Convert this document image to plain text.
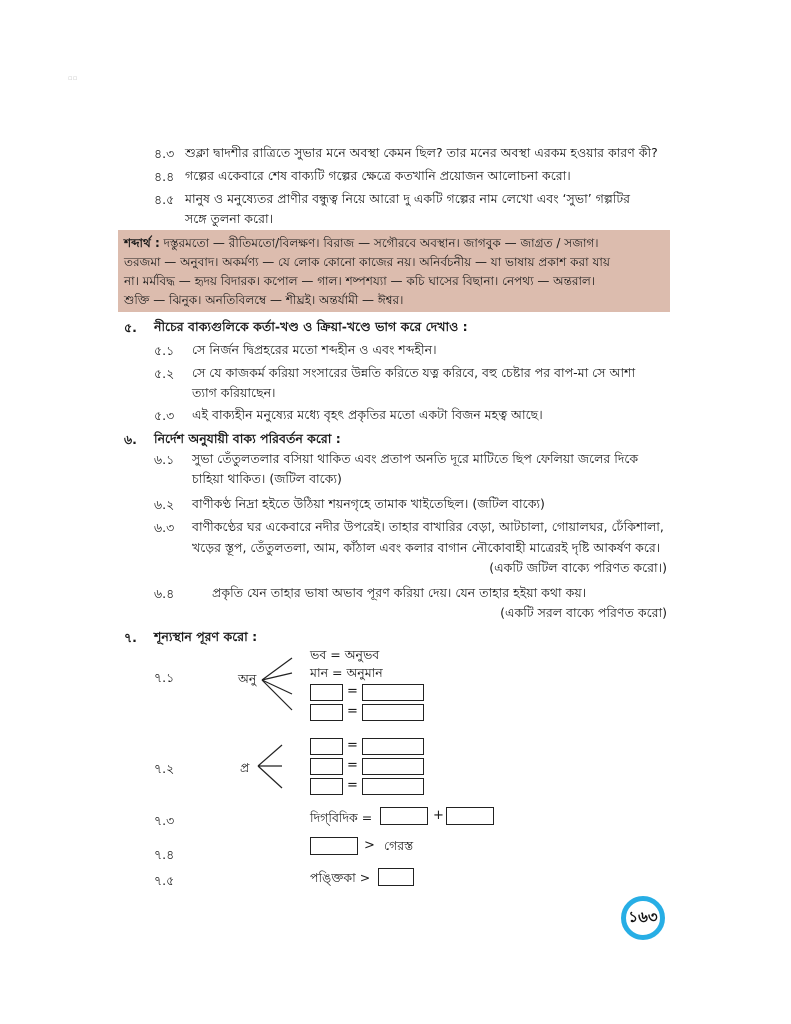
▫▫
৪.৩ শুক্লা দ্বাদশীর রাত্রিতে সুভার মনে অবস্থা কেমন ছিল? তার মনের অবস্থা এরকম হওয়ার কারণ কী?
৪.৪ গল্পের একেবারে শেষ বাক্যটি গল্পের ক্ষেত্রে কতখানি প্রয়োজন আলোচনা করো।
৪.৫ মানুষ ও মনুষ্যেতর প্রাণীর বন্ধুত্ব নিয়ে আরো দু একটি গল্পের নাম লেখো এবং ‘সুভা’ গল্পটির
সঙ্গে তুলনা করো।
শব্দার্থ : দস্তুরমতো — রীতিমতো/বিলক্ষণ। বিরাজ — সগৌরবে অবস্থান। জাগবুক — জাগ্রত / সজাগ।
তরজমা — অনুবাদ। অকর্মণ্য — যে লোক কোনো কাজের নয়। অনির্বচনীয় — যা ভাষায় প্রকাশ করা যায়
না। মর্মবিদ্ধ — হৃদয় বিদারক। কপোল — গাল। শষ্পশয্যা — কচি ঘাসের বিছানা। নেপথ্য — অন্তরাল।
শুক্তি — ঝিনুক। অনতিবিলম্বে — শীঘ্রই। অন্তর্যামী — ঈশ্বর।
৫. নীচের বাক্যগুলিকে কর্তা-খণ্ড ও ক্রিয়া-খণ্ডে ভাগ করে দেখাও :
৫.১ সে নির্জন দ্বিপ্রহরের মতো শব্দহীন ও এবং শব্দহীন।
৫.২ সে যে কাজকর্ম করিয়া সংসারের উন্নতি করিতে যত্ন করিবে, বহু চেষ্টার পর বাপ-মা সে আশা
ত্যাগ করিয়াছেন।
৫.৩ এই বাক্যহীন মনুষ্যের মধ্যে বৃহৎ প্রকৃতির মতো একটা বিজন মহত্ব আছে।
৬. নির্দেশ অনুযায়ী বাক্য পরিবর্তন করো :
৬.১ সুভা তেঁতুলতলার বসিয়া থাকিত এবং প্রতাপ অনতি দূরে মাটিতে ছিপ ফেলিয়া জলের দিকে
চাহিয়া থাকিত। (জটিল বাক্যে)
৬.২ বাণীকণ্ঠ নিদ্রা হইতে উঠিয়া শয়নগৃহে তামাক খাইতেছিল। (জটিল বাক্যে)
৬.৩ বাণীকণ্ঠের ঘর একেবারে নদীর উপরেই। তাহার বাখারির বেড়া, আটচালা, গোয়ালঘর, ঢেঁকিশালা,
খড়ের স্তূপ, তেঁতুলতলা, আম, কাঁঠাল এবং কলার বাগান নৌকোবাহী মাত্রেরই দৃষ্টি আকর্ষণ করে।
(একটি জটিল বাক্যে পরিণত করো।)
৬.৪	প্রকৃতি যেন তাহার ভাষা অভাব পূরণ করিয়া দেয়। যেন তাহার হইয়া কথা কয়।
(একটি সরল বাক্যে পরিণত করো)
৭. শূন্যস্থান পূরণ করো :
৭.১	অনু
ভব = অনুভব
মান = অনুমান
=
=
৭.২	প্র
=
=
=
৭.৩	দিগ্‌বিদিক =	+
৭.৪
> গেরস্ত
৭.৫	পঙ্ক্তিকা >
১৬৩
